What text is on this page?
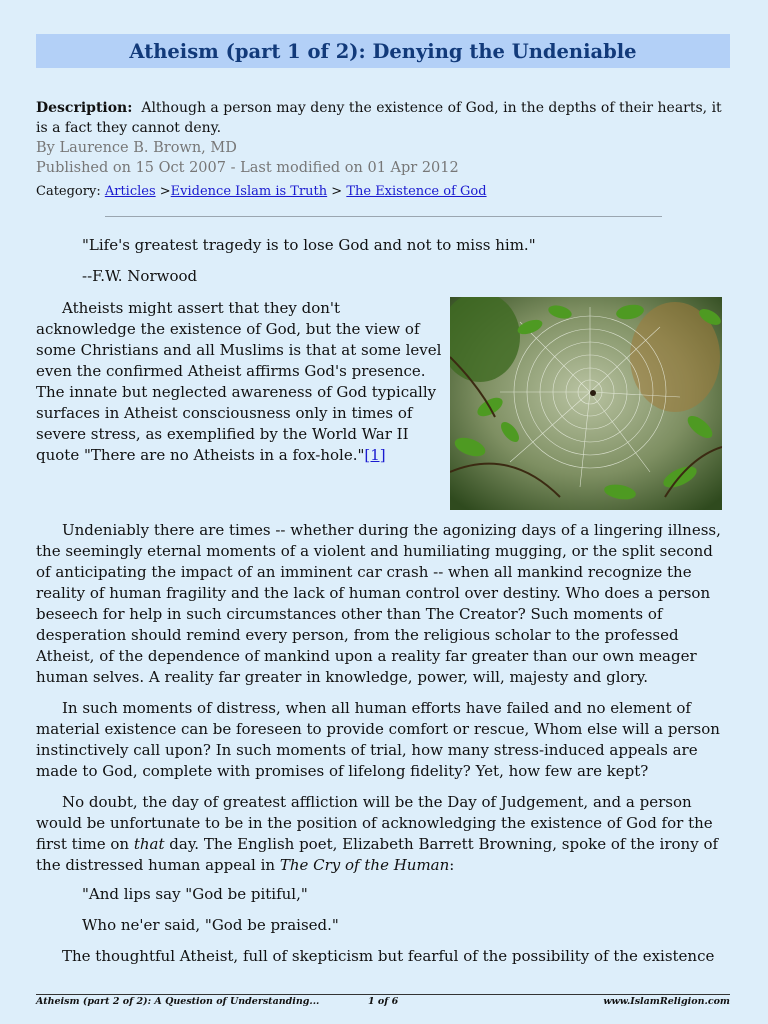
Atheism (part 1 of 2): Denying the Undeniable
Description: Although a person may deny the existence of God, in the depths of their hearts, it is a fact they cannot deny.
By Laurence B. Brown, MD
Published on 15 Oct 2007 - Last modified on 01 Apr 2012
Category: Articles >Evidence Islam is Truth > The Existence of God
"Life's greatest tragedy is to lose God and not to miss him."
--F.W. Norwood

Atheists might assert that they don't acknowledge the existence of God, but the view of some Christians and all Muslims is that at some level even the confirmed Atheist affirms God's presence. The innate but neglected awareness of God typically surfaces in Atheist consciousness only in times of severe stress, as exemplified by the World War II quote "There are no Atheists in a fox-hole."[1]

Undeniably there are times -- whether during the agonizing days of a lingering illness, the seemingly eternal moments of a violent and humiliating mugging, or the split second of anticipating the impact of an imminent car crash -- when all mankind recognize the reality of human fragility and the lack of human control over destiny. Who does a person beseech for help in such circumstances other than The Creator? Such moments of desperation should remind every person, from the religious scholar to the professed Atheist, of the dependence of mankind upon a reality far greater than our own meager human selves. A reality far greater in knowledge, power, will, majesty and glory.

In such moments of distress, when all human efforts have failed and no element of material existence can be foreseen to provide comfort or rescue, Whom else will a person instinctively call upon? In such moments of trial, how many stress-induced appeals are made to God, complete with promises of lifelong fidelity? Yet, how few are kept?

No doubt, the day of greatest affliction will be the Day of Judgement, and a person would be unfortunate to be in the position of acknowledging the existence of God for the first time on that day. The English poet, Elizabeth Barrett Browning, spoke of the irony of the distressed human appeal in The Cry of the Human:

"And lips say "God be pitiful,"
Who ne'er said, "God be praised."

The thoughtful Atheist, full of skepticism but fearful of the possibility of the existence

Atheism (part 2 of 2): A Question of Understanding...	1 of 6	www.IslamReligion.com
